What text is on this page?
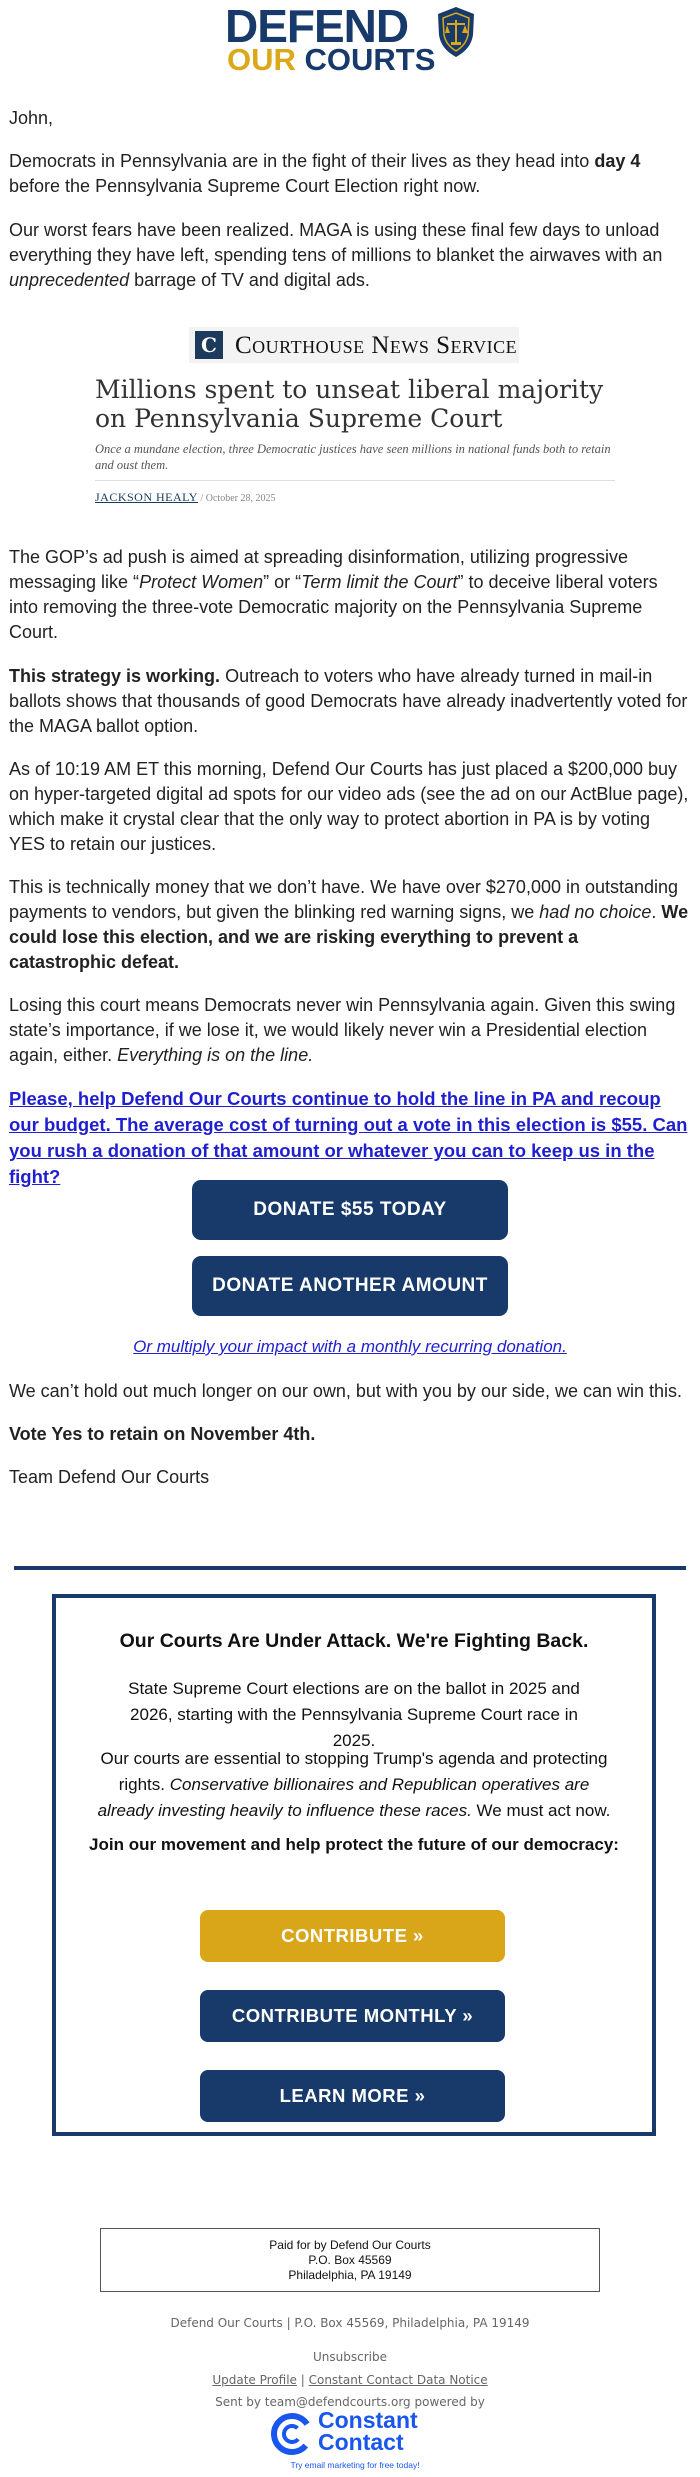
DEFEND
OUR COURTS

John,

Democrats in Pennsylvania are in the fight of their lives as they head into day 4 before the Pennsylvania Supreme Court Election right now.

Our worst fears have been realized. MAGA is using these final few days to unload everything they have left, spending tens of millions to blanket the airwaves with an unprecedented barrage of TV and digital ads.

C Courthouse News Service
Millions spent to unseat liberal majority on Pennsylvania Supreme Court
Once a mundane election, three Democratic justices have seen millions in national funds both to retain and oust them.
JACKSON HEALY / October 28, 2025

The GOP’s ad push is aimed at spreading disinformation, utilizing progressive messaging like “Protect Women” or “Term limit the Court” to deceive liberal voters into removing the three-vote Democratic majority on the Pennsylvania Supreme Court.

This strategy is working. Outreach to voters who have already turned in mail-in ballots shows that thousands of good Democrats have already inadvertently voted for the MAGA ballot option.

As of 10:19 AM ET this morning, Defend Our Courts has just placed a $200,000 buy on hyper-targeted digital ad spots for our video ads (see the ad on our ActBlue page), which make it crystal clear that the only way to protect abortion in PA is by voting YES to retain our justices.

This is technically money that we don’t have. We have over $270,000 in outstanding payments to vendors, but given the blinking red warning signs, we had no choice. We could lose this election, and we are risking everything to prevent a catastrophic defeat.

Losing this court means Democrats never win Pennsylvania again. Given this swing state’s importance, if we lose it, we would likely never win a Presidential election again, either. Everything is on the line.

Please, help Defend Our Courts continue to hold the line in PA and recoup our budget. The average cost of turning out a vote in this election is $55. Can you rush a donation of that amount or whatever you can to keep us in the fight?
DONATE $55 TODAY
DONATE ANOTHER AMOUNT
Or multiply your impact with a monthly recurring donation.

We can’t hold out much longer on our own, but with you by our side, we can win this.

Vote Yes to retain on November 4th.

Team Defend Our Courts

Our Courts Are Under Attack. We're Fighting Back.
State Supreme Court elections are on the ballot in 2025 and 2026, starting with the Pennsylvania Supreme Court race in 2025.
Our courts are essential to stopping Trump's agenda and protecting rights. Conservative billionaires and Republican operatives are already investing heavily to influence these races. We must act now.
Join our movement and help protect the future of our democracy:
CONTRIBUTE »
CONTRIBUTE MONTHLY »
LEARN MORE »
Paid for by Defend Our Courts
P.O. Box 45569
Philadelphia, PA 19149
Defend Our Courts | P.O. Box 45569, Philadelphia, PA 19149
Unsubscribe
Update Profile | Constant Contact Data Notice
Sent by team@defendcourts.org powered by
Constant
Contact
Try email marketing for free today!
